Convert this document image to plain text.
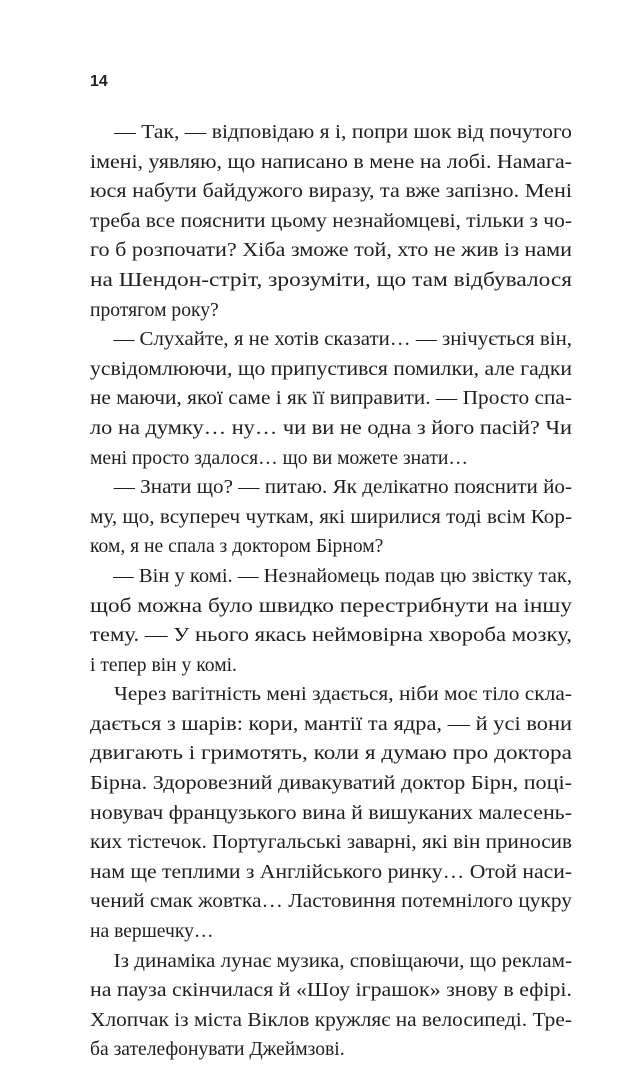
14
— Так, — відповідаю я і, попри шок від почутого
імені, уявляю, що написано в мене на лобі. Намага-
юся набути байдужого виразу, та вже запізно. Мені
треба все пояснити цьому незнайомцеві, тільки з чо-
го б розпочати? Хіба зможе той, хто не жив із нами
на Шендон-стріт, зрозуміти, що там відбувалося
протягом року?
— Слухайте, я не хотів сказати… — знічується він,
усвідомлюючи, що припустився помилки, але гадки
не маючи, якої саме і як її виправити. — Просто спа-
ло на думку… ну… чи ви не одна з його пасій? Чи
мені просто здалося… що ви можете знати…
— Знати що? — питаю. Як делікатно пояснити йо-
му, що, всупереч чуткам, які ширилися тоді всім Кор-
ком, я не спала з доктором Бірном?
— Він у комі. — Незнайомець подав цю звістку так,
щоб можна було швидко перестрибнути на іншу
тему. — У нього якась неймовірна хвороба мозку,
і тепер він у комі.
Через вагітність мені здається, ніби моє тіло скла-
дається з шарів: кори, мантії та ядра, — й усі вони
двигають і гримотять, коли я думаю про доктора
Бірна. Здоровезний дивакуватий доктор Бірн, поці-
новувач французького вина й вишуканих малесень-
ких тістечок. Португальські заварні, які він приносив
нам ще теплими з Англійського ринку… Отой наси-
чений смак жовтка… Ластовиння потемнілого цукру
на вершечку…
Із динаміка лунає музика, сповіщаючи, що реклам-
на пауза скінчилася й «Шоу іграшок» знову в ефірі.
Хлопчак із міста Віклов кружляє на велосипеді. Тре-
ба зателефонувати Джеймзові.
